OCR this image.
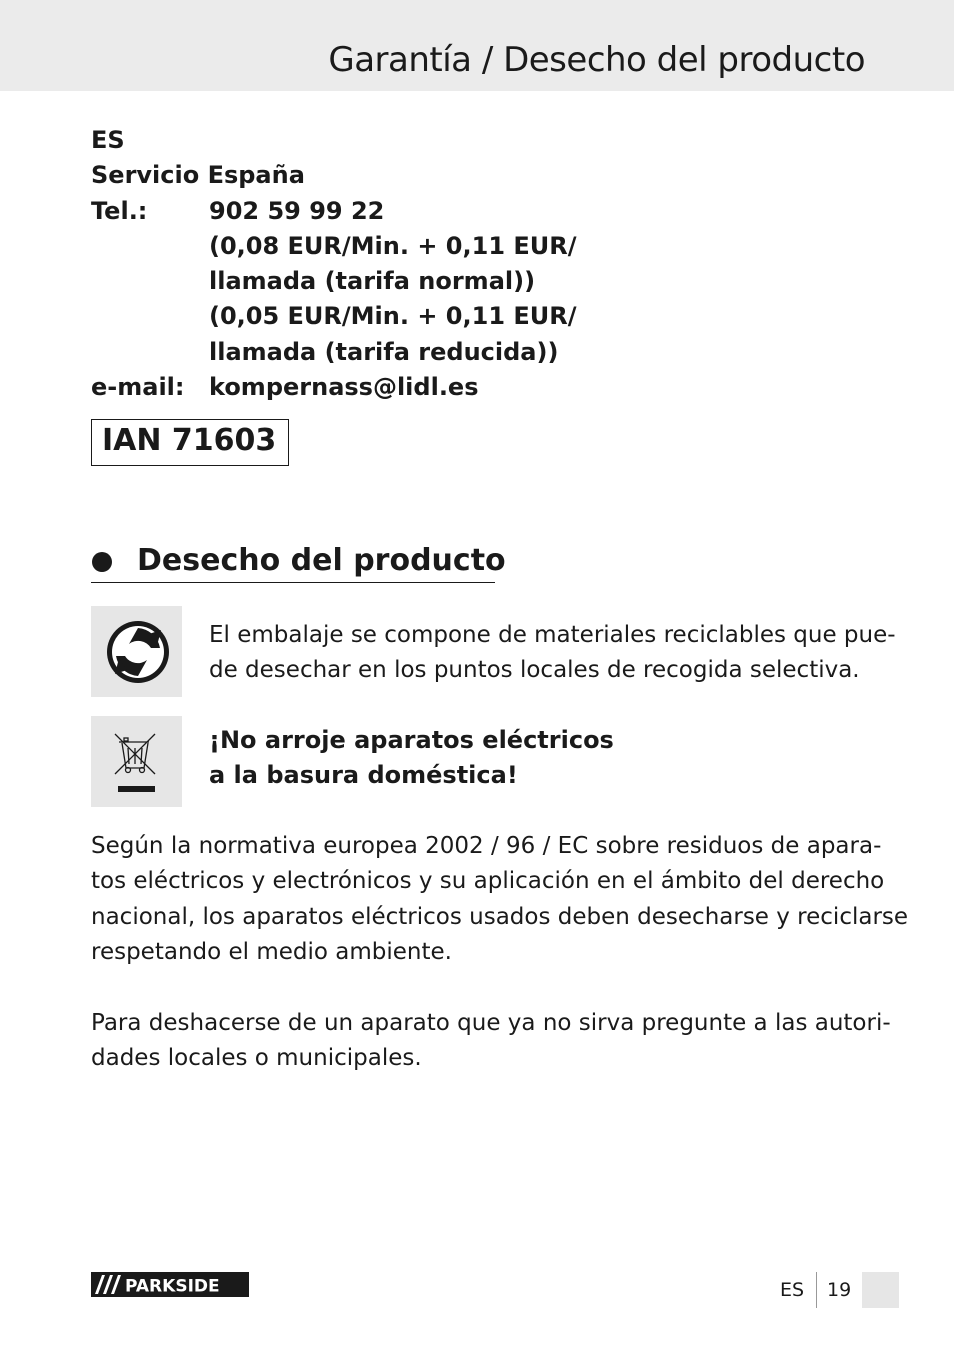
Garantía / Desecho del producto
ES
Servicio España
Tel.:	902 59 99 22
(0,08 EUR/Min. + 0,11 EUR/
llamada (tarifa normal))
(0,05 EUR/Min. + 0,11 EUR/
llamada (tarifa reducida))
e-mail: kompernass@lidl.es
IAN 71603
Desecho del producto
El embalaje se compone de materiales reciclables que pue-
de desechar en los puntos locales de recogida selectiva.
¡No arroje aparatos eléctricos
a la basura doméstica!
Según la normativa europea 2002 / 96 / EC sobre residuos de apara-
tos eléctricos y electrónicos y su aplicación en el ámbito del derecho
nacional, los aparatos eléctricos usados deben desecharse y reciclarse
respetando el medio ambiente.
Para deshacerse de un aparato que ya no sirva pregunte a las autori-
dades locales o municipales.
PARKSIDE	ES 19
